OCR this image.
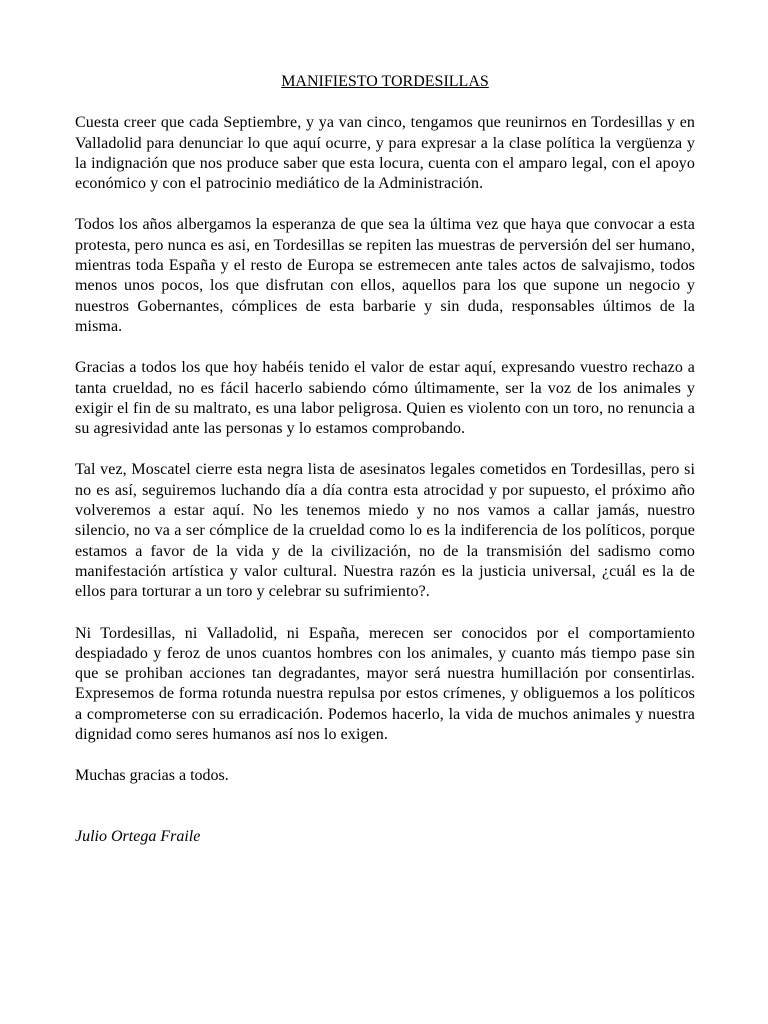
MANIFIESTO TORDESILLAS

Cuesta creer que cada Septiembre, y ya van cinco, tengamos que reunirnos en Tordesillas y en Valladolid para denunciar lo que aquí ocurre, y para expresar a la clase política la vergüenza y la indignación que nos produce saber que esta locura, cuenta con el amparo legal, con el apoyo económico y con el patrocinio mediático de la Administración.

Todos los años albergamos la esperanza de que sea la última vez que haya que convocar a esta protesta, pero nunca es asi, en Tordesillas se repiten las muestras de perversión del ser humano, mientras toda España y el resto de Europa se estremecen ante tales actos de salvajismo, todos menos unos pocos, los que disfrutan con ellos, aquellos para los que supone un negocio y nuestros Gobernantes, cómplices de esta barbarie y sin duda, responsables últimos de la misma.

Gracias a todos los que hoy habéis tenido el valor de estar aquí, expresando vuestro rechazo a tanta crueldad, no es fácil hacerlo sabiendo cómo últimamente, ser la voz de los animales y exigir el fin de su maltrato, es una labor peligrosa. Quien es violento con un toro, no renuncia a su agresividad ante las personas y lo estamos comprobando.

Tal vez, Moscatel cierre esta negra lista de asesinatos legales cometidos en Tordesillas, pero si no es así, seguiremos luchando día a día contra esta atrocidad y por supuesto, el próximo año volveremos a estar aquí. No les tenemos miedo y no nos vamos a callar jamás, nuestro silencio, no va a ser cómplice de la crueldad como lo es la indiferencia de los políticos, porque estamos a favor de la vida y de la civilización, no de la transmisión del sadismo como manifestación artística y valor cultural. Nuestra razón es la justicia universal, ¿cuál es la de ellos para torturar a un toro y celebrar su sufrimiento?.

Ni Tordesillas, ni Valladolid, ni España, merecen ser conocidos por el comportamiento despiadado y feroz de unos cuantos hombres con los animales, y cuanto más tiempo pase sin que se prohiban acciones tan degradantes, mayor será nuestra humillación por consentirlas. Expresemos de forma rotunda nuestra repulsa por estos crímenes, y obliguemos a los políticos a comprometerse con su erradicación. Podemos hacerlo, la vida de muchos animales y nuestra dignidad como seres humanos así nos lo exigen.

Muchas gracias a todos.

Julio Ortega Fraile
